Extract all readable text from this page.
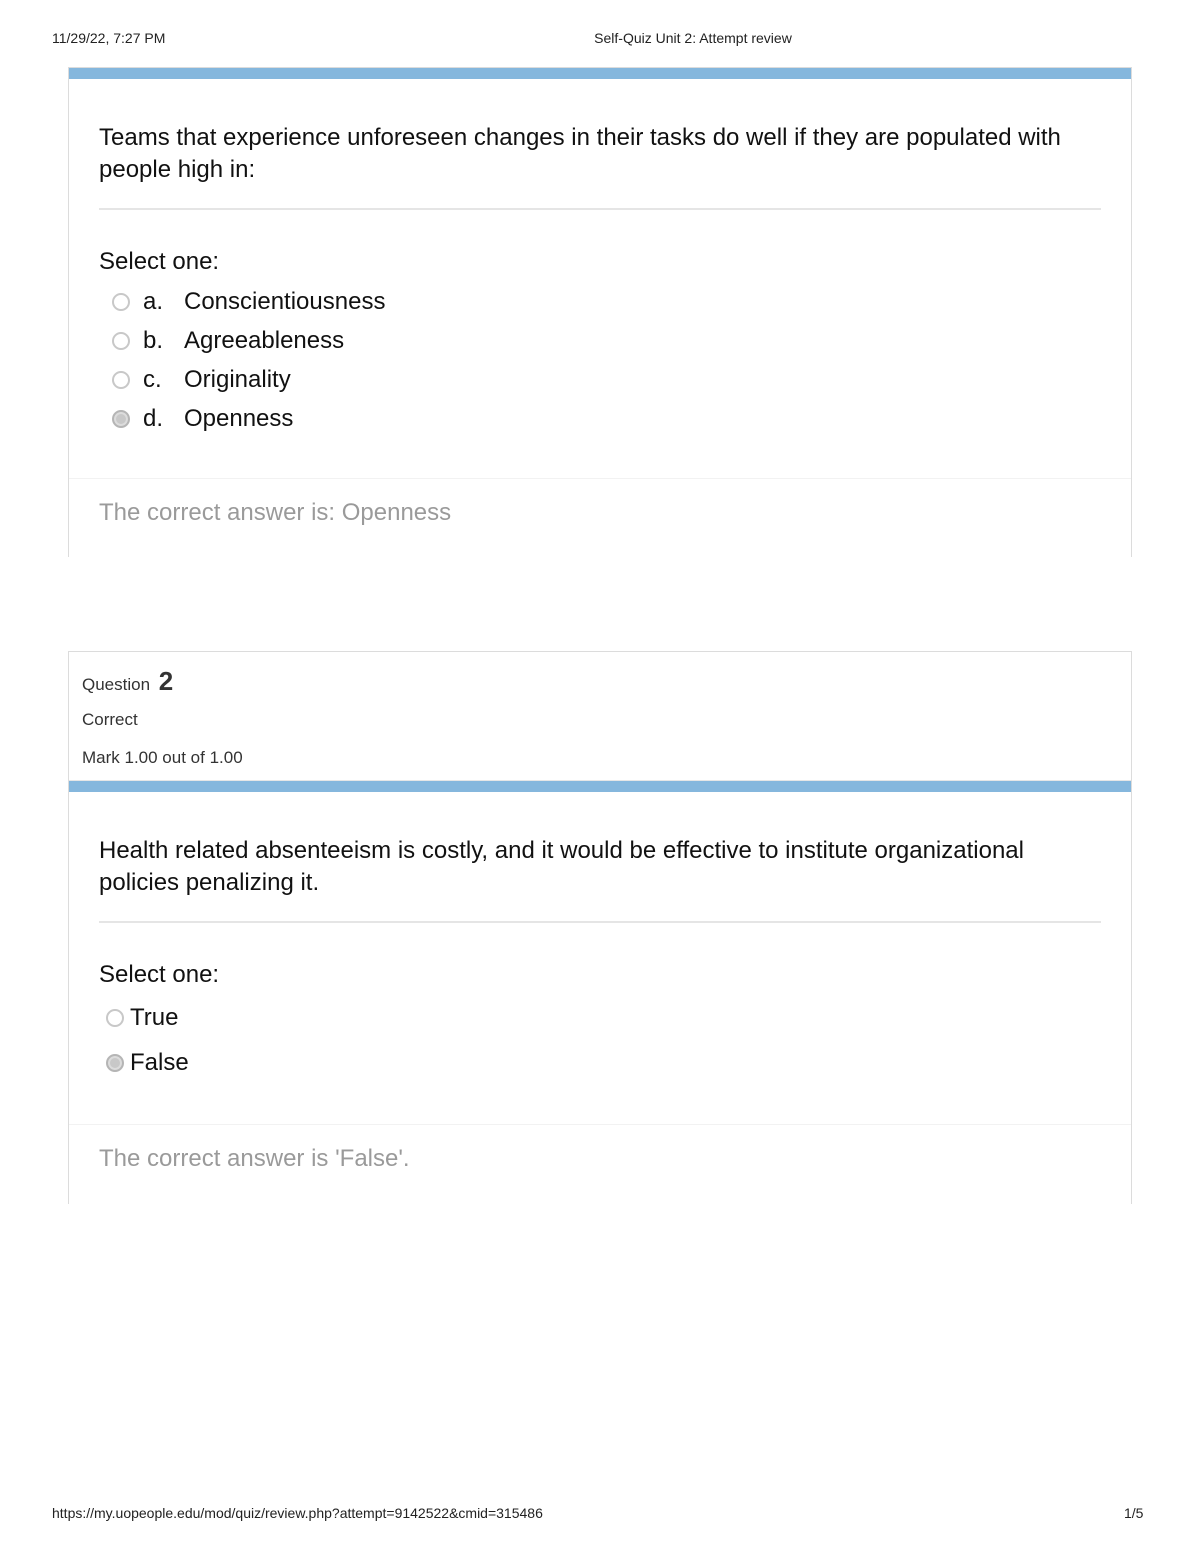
11/29/22, 7:27 PM	Self-Quiz Unit 2: Attempt review
Teams that experience unforeseen changes in their tasks do well if they are populated with people high in:
Select one:
a. Conscientiousness
b. Agreeableness
c. Originality
d. Openness
The correct answer is: Openness
Question 2
Correct
Mark 1.00 out of 1.00
Health related absenteeism is costly, and it would be effective to institute organizational policies penalizing it.
Select one:
True
False
The correct answer is 'False'.
https://my.uopeople.edu/mod/quiz/review.php?attempt=9142522&cmid=315486	1/5
